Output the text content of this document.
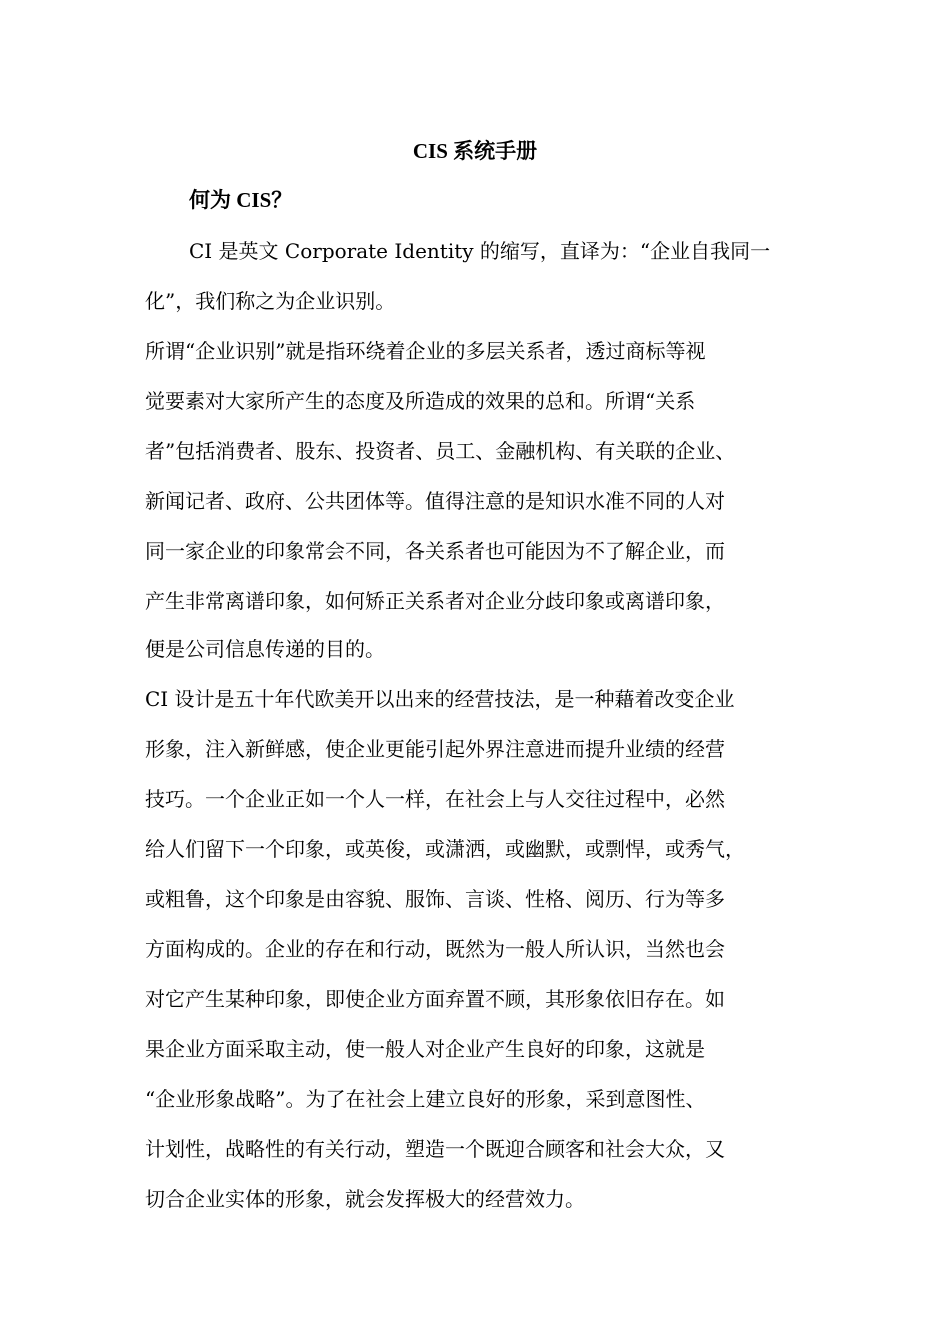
CIS 系统手册
何为 CIS？
CI 是英文 Corporate Identity 的缩写，直译为：“企业自我同一
化”，我们称之为企业识别。
所谓“企业识别”就是指环绕着企业的多层关系者，透过商标等视
觉要素对大家所产生的态度及所造成的效果的总和。所谓“关系
者”包括消费者、股东、投资者、员工、金融机构、有关联的企业、
新闻记者、政府、公共团体等。值得注意的是知识水准不同的人对
同一家企业的印象常会不同，各关系者也可能因为不了解企业，而
产生非常离谱印象，如何矫正关系者对企业分歧印象或离谱印象，
便是公司信息传递的目的。
CI 设计是五十年代欧美开以出来的经营技法，是一种藉着改变企业
形象，注入新鲜感，使企业更能引起外界注意进而提升业绩的经营
技巧。一个企业正如一个人一样，在社会上与人交往过程中，必然
给人们留下一个印象，或英俊，或潇洒，或幽默，或剽悍，或秀气，
或粗鲁，这个印象是由容貌、服饰、言谈、性格、阅历、行为等多
方面构成的。企业的存在和行动，既然为一般人所认识，当然也会
对它产生某种印象，即使企业方面弃置不顾，其形象依旧存在。如
果企业方面采取主动，使一般人对企业产生良好的印象，这就是
“企业形象战略”。为了在社会上建立良好的形象，采到意图性、
计划性，战略性的有关行动，塑造一个既迎合顾客和社会大众，又
切合企业实体的形象，就会发挥极大的经营效力。
